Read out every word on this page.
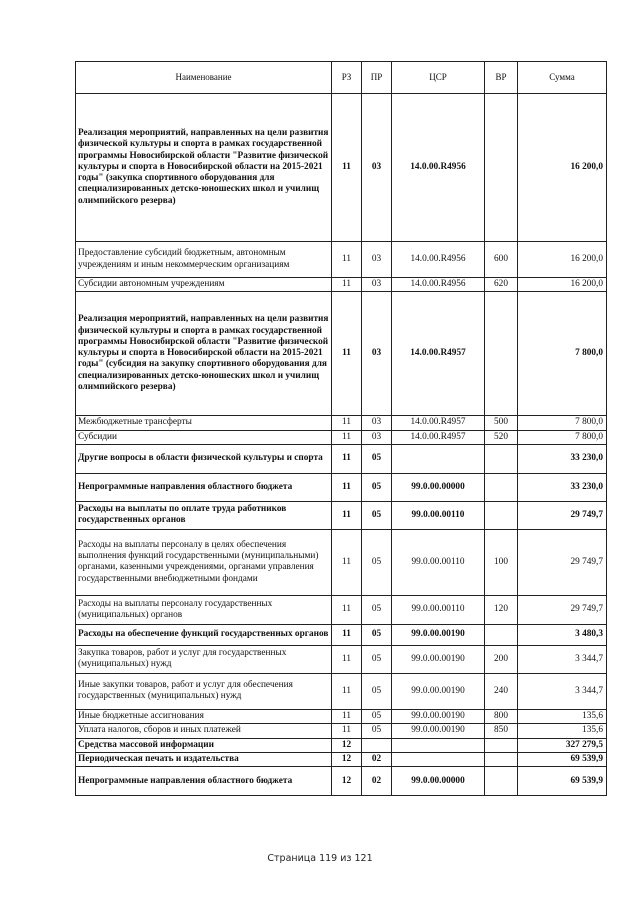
Наименование	РЗ	ПР	ЦСР	ВР	Сумма
Реализация мероприятий, направленных на цели развития физической культуры и спорта в рамках государственной программы Новосибирской области "Развитие физической культуры и спорта в Новосибирской области на 2015-2021 годы" (закупка спортивного оборудования для специализированных детско-юношеских школ и училищ олимпийского резерва)	11	03	14.0.00.R4956		16 200,0
Предоставление субсидий бюджетным, автономным учреждениям и иным некоммерческим организациям	11	03	14.0.00.R4956	600	16 200,0
Субсидии автономным учреждениям	11	03	14.0.00.R4956	620	16 200,0
Реализация мероприятий, направленных на цели развития физической культуры и спорта в рамках государственной программы Новосибирской области "Развитие физической культуры и спорта в Новосибирской области на 2015-2021 годы" (субсидия на закупку спортивного оборудования для специализированных детско-юношеских школ и училищ олимпийского резерва)	11	03	14.0.00.R4957		7 800,0
Межбюджетные трансферты	11	03	14.0.00.R4957	500	7 800,0
Субсидии	11	03	14.0.00.R4957	520	7 800,0
Другие вопросы в области физической культуры и спорта	11	05			33 230,0
Непрограммные направления областного бюджета	11	05	99.0.00.00000		33 230,0
Расходы на выплаты по оплате труда работников государственных органов	11	05	99.0.00.00110		29 749,7
Расходы на выплаты персоналу в целях обеспечения выполнения функций государственными (муниципальными) органами, казенными учреждениями, органами управления государственными внебюджетными фондами	11	05	99.0.00.00110	100	29 749,7
Расходы на выплаты персоналу государственных (муниципальных) органов	11	05	99.0.00.00110	120	29 749,7
Расходы на обеспечение функций государственных органов	11	05	99.0.00.00190		3 480,3
Закупка товаров, работ и услуг для государственных (муниципальных) нужд	11	05	99.0.00.00190	200	3 344,7
Иные закупки товаров, работ и услуг для обеспечения государственных (муниципальных) нужд	11	05	99.0.00.00190	240	3 344,7
Иные бюджетные ассигнования	11	05	99.0.00.00190	800	135,6
Уплата налогов, сборов и иных платежей	11	05	99.0.00.00190	850	135,6
Средства массовой информации	12				327 279,5
Периодическая печать и издательства	12	02			69 539,9
Непрограммные направления областного бюджета	12	02	99.0.00.00000		69 539,9
Страница 119 из 121
